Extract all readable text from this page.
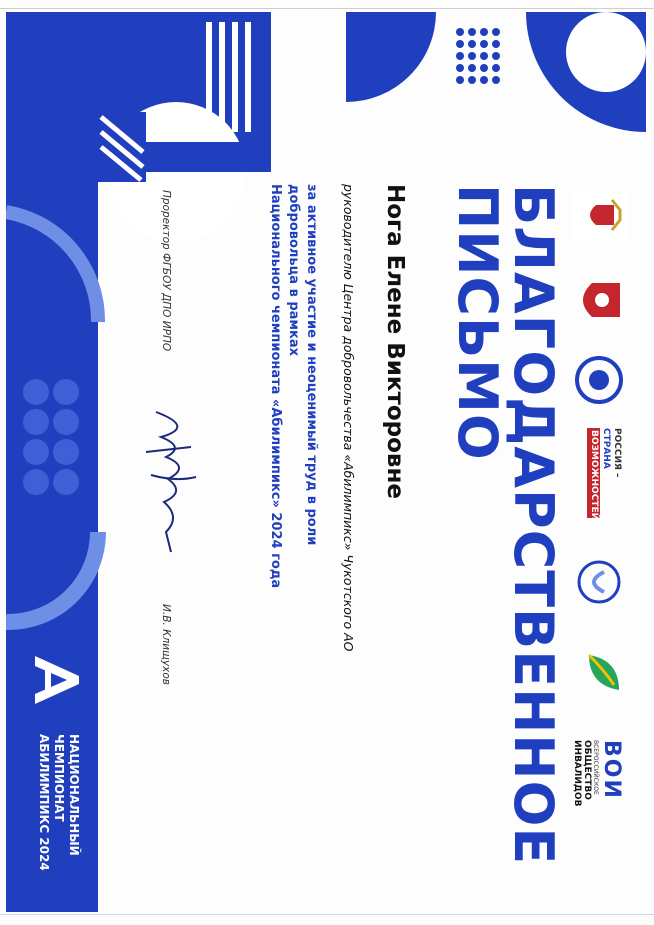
РОССИЯ –
СТРАНА
ВОЗМОЖНОСТЕЙ
ВОИ
ВСЕРОССИЙСКОЕ
ОБЩЕСТВО
ИНВАЛИДОВ
БЛАГОДАРСТВЕННОЕ
ПИСЬМО
Нога Елене Викторовне
руководителю Центра добровольчества «Абилимпикс» Чукотского АО
за активное участие и неоценимый труд в роли добровольца в рамках
Национального чемпионата «Абилимпикс» 2024 года
Проректор ФГБОУ ДПО ИРПО
И.В. Клищухов
НАЦИОНАЛЬНЫЙ
ЧЕМПИОНАТ
АБИЛИМПИКС 2024
